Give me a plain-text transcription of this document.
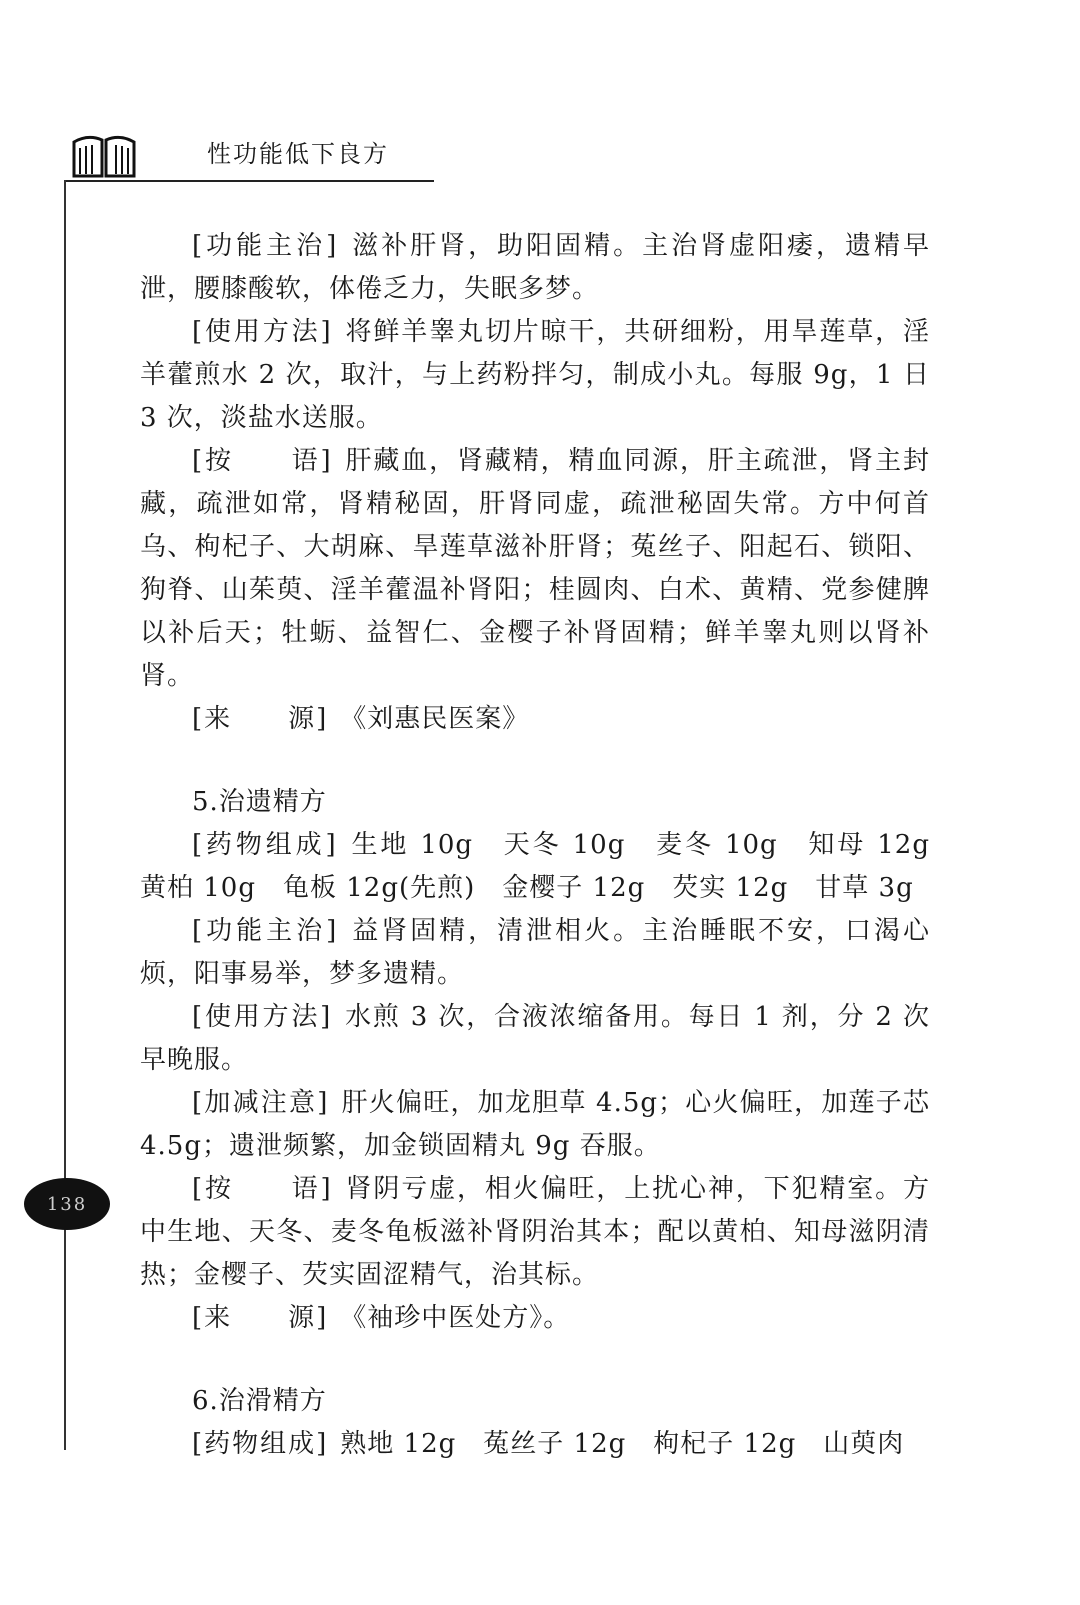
性功能低下良方
138

[功能主治] 滋补肝肾，助阳固精。主治肾虚阳痿，遗精早泄，腰膝酸软，体倦乏力，失眠多梦。

[使用方法] 将鲜羊睾丸切片晾干，共研细粉，用旱莲草，淫羊藿煎水 2 次，取汁，与上药粉拌匀，制成小丸。每服 9g，1 日 3 次，淡盐水送服。

[按　　语] 肝藏血，肾藏精，精血同源，肝主疏泄，肾主封藏，疏泄如常，肾精秘固，肝肾同虚，疏泄秘固失常。方中何首乌、枸杞子、大胡麻、旱莲草滋补肝肾；菟丝子、阳起石、锁阳、狗脊、山茱萸、淫羊藿温补肾阳；桂圆肉、白术、黄精、党参健脾以补后天；牡蛎、益智仁、金樱子补肾固精；鲜羊睾丸则以肾补肾。

[来　　源] 《刘惠民医案》

5.治遗精方

[药物组成] 生地 10g　天冬 10g　麦冬 10g　知母 12g　黄柏 10g　龟板 12g(先煎)　金樱子 12g　芡实 12g　甘草 3g

[功能主治] 益肾固精，清泄相火。主治睡眠不安，口渴心烦，阳事易举，梦多遗精。

[使用方法] 水煎 3 次，合液浓缩备用。每日 1 剂，分 2 次早晚服。

[加减注意] 肝火偏旺，加龙胆草 4.5g；心火偏旺，加莲子芯 4.5g；遗泄频繁，加金锁固精丸 9g 吞服。

[按　　语] 肾阴亏虚，相火偏旺，上扰心神，下犯精室。方中生地、天冬、麦冬龟板滋补肾阴治其本；配以黄柏、知母滋阴清热；金樱子、芡实固涩精气，治其标。

[来　　源] 《袖珍中医处方》。

6.治滑精方

[药物组成] 熟地 12g　菟丝子 12g　枸杞子 12g　山萸肉
